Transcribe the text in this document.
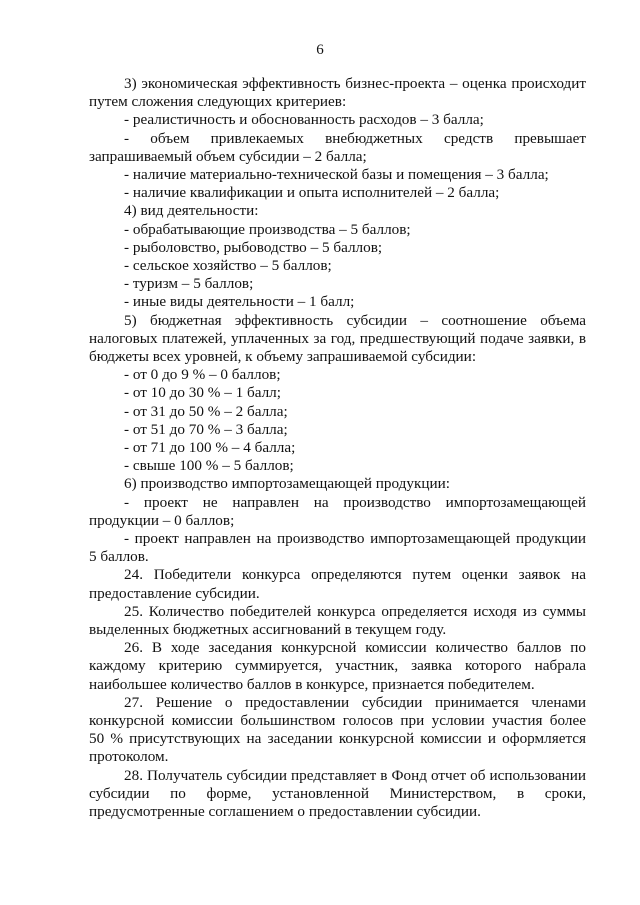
6
3) экономическая эффективность бизнес-проекта – оценка происходит
путем сложения следующих критериев:
- реалистичность и обоснованность расходов – 3 балла;
- объем привлекаемых внебюджетных средств превышает
запрашиваемый объем субсидии – 2 балла;
- наличие материально-технической базы и помещения – 3 балла;
- наличие квалификации и опыта исполнителей – 2 балла;
4) вид деятельности:
- обрабатывающие производства – 5 баллов;
- рыболовство, рыбоводство – 5 баллов;
- сельское хозяйство – 5 баллов;
- туризм – 5 баллов;
- иные виды деятельности – 1 балл;
5) бюджетная эффективность субсидии – соотношение объема
налоговых платежей, уплаченных за год, предшествующий подаче заявки, в
бюджеты всех уровней, к объему запрашиваемой субсидии:
- от 0 до 9 % – 0 баллов;
- от 10 до 30 % – 1 балл;
- от 31 до 50 % – 2 балла;
- от 51 до 70 % – 3 балла;
- от 71 до 100 % – 4 балла;
- свыше 100 % – 5 баллов;
6) производство импортозамещающей продукции:
- проект не направлен на производство импортозамещающей
продукции – 0 баллов;
- проект направлен на производство импортозамещающей продукции
5 баллов.
24. Победители конкурса определяются путем оценки заявок на
предоставление субсидии.
25. Количество победителей конкурса определяется исходя из суммы
выделенных бюджетных ассигнований в текущем году.
26. В ходе заседания конкурсной комиссии количество баллов по
каждому критерию суммируется, участник, заявка которого набрала
наибольшее количество баллов в конкурсе, признается победителем.
27. Решение о предоставлении субсидии принимается членами
конкурсной комиссии большинством голосов при условии участия более
50 % присутствующих на заседании конкурсной комиссии и оформляется
протоколом.
28. Получатель субсидии представляет в Фонд отчет об использовании
субсидии по форме, установленной Министерством, в сроки,
предусмотренные соглашением о предоставлении субсидии.
